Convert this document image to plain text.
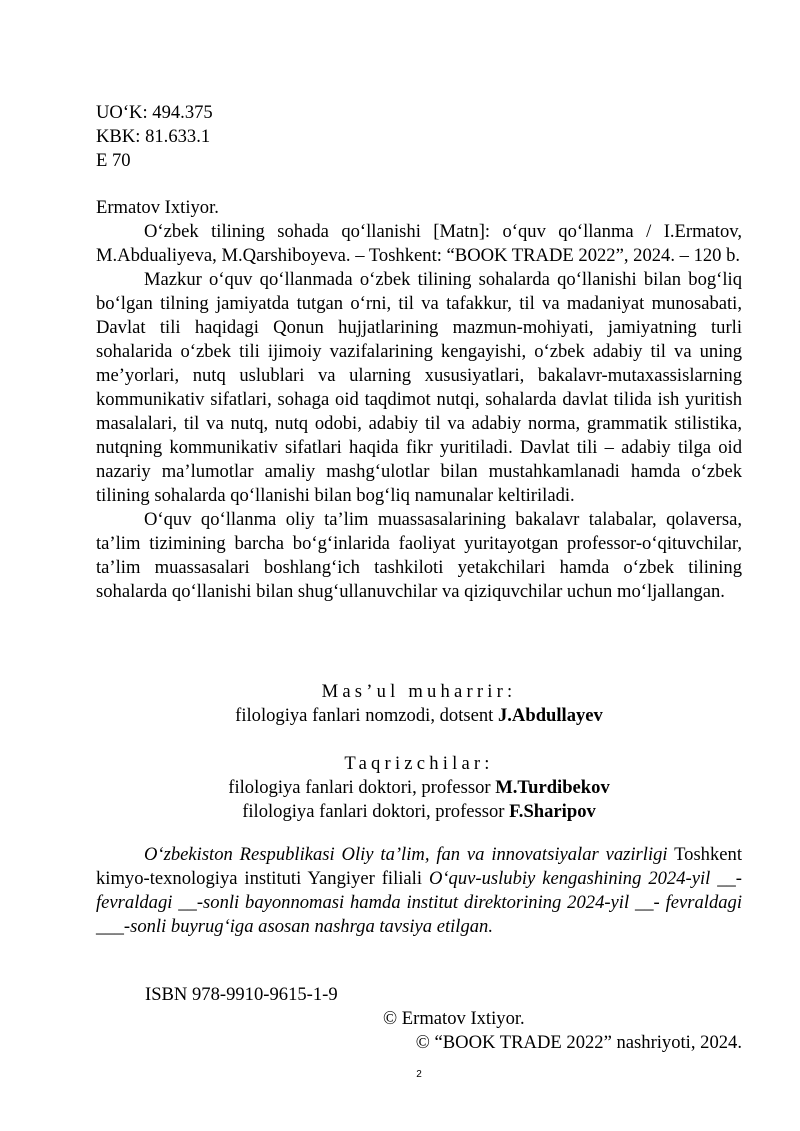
UO‘K: 494.375
KBK: 81.633.1
E 70
Ermatov Ixtiyor.

O‘zbek tilining sohada qo‘llanishi [Matn]: o‘quv qo‘llanma / I.Ermatov, M.Abdualiyeva, M.Qarshiboyeva. – Toshkent: “BOOK TRADE 2022”, 2024. – 120 b.

Mazkur o‘quv qo‘llanmada o‘zbek tilining sohalarda qo‘llanishi bilan bog‘liq bo‘lgan tilning jamiyatda tutgan o‘rni, til va tafakkur, til va madaniyat munosabati, Davlat tili haqidagi Qonun hujjatlarining mazmun-mohiyati, jamiyatning turli sohalarida o‘zbek tili ijimoiy vazifalarining kengayishi, o‘zbek adabiy til va uning me’yorlari, nutq uslublari va ularning xususiyatlari, bakalavr-mutaxassislarning kommunikativ sifatlari, sohaga oid taqdimot nutqi, sohalarda davlat tilida ish yuritish masalalari, til va nutq, nutq odobi, adabiy til va adabiy norma, grammatik stilistika, nutqning kommunikativ sifatlari haqida fikr yuritiladi. Davlat tili – adabiy tilga oid nazariy ma’lumotlar amaliy mashg‘ulotlar bilan mustahkamlanadi hamda o‘zbek tilining sohalarda qo‘llanishi bilan bog‘liq namunalar keltiriladi.

O‘quv qo‘llanma oliy ta’lim muassasalarining bakalavr talabalar, qolaversa, ta’lim tizimining barcha bo‘g‘inlarida faoliyat yuritayotgan professor-o‘qituvchilar, ta’lim muassasalari boshlang‘ich tashkiloti yetakchilari hamda o‘zbek tilining sohalarda qo‘llanishi bilan shug‘ullanuvchilar va qiziquvchilar uchun mo‘ljallangan.

Mas’ul muharrir:
filologiya fanlari nomzodi, dotsent J.Abdullayev
Taqrizchilar:
filologiya fanlari doktori, professor M.Turdibekov
filologiya fanlari doktori, professor F.Sharipov

O‘zbekiston Respublikasi Oliy ta’lim, fan va innovatsiyalar vazirligi Toshkent kimyo-texnologiya instituti Yangiyer filiali O‘quv-uslubiy kengashining 2024-yil __-fevraldagi __-sonli bayonnomasi hamda institut direktorining 2024-yil __- fevraldagi ___-sonli buyrug‘iga asosan nashrga tavsiya etilgan.

ISBN 978-9910-9615-1-9
© Ermatov Ixtiyor.
© “BOOK TRADE 2022” nashriyoti, 2024.
2
